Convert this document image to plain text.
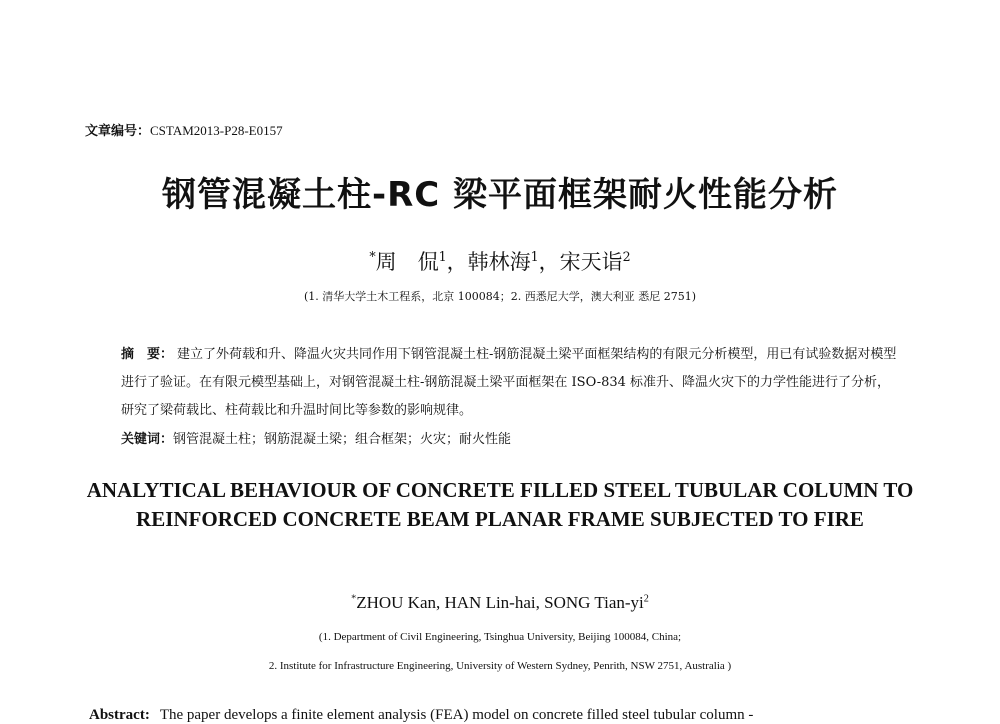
文章编号：CSTAM2013-P28-E0157
钢管混凝土柱-RC 梁平面框架耐火性能分析
*周　侃$^1$，韩林海$^1$，宋天诣$^2$
(1. 清华大学土木工程系，北京 100084；2. 西悉尼大学，澳大利亚 悉尼 2751)
摘　要： 建立了外荷载和升、降温火灾共同作用下钢管混凝土柱-钢筋混凝土梁平面框架结构的有限元分析模型，用已有试验数据对模型进行了验证。在有限元模型基础上，对钢管混凝土柱-钢筋混凝土梁平面框架在 ISO-834 标准升、降温火灾下的力学性能进行了分析，研究了梁荷载比、柱荷载比和升温时间比等参数的影响规律。
关键词：钢管混凝土柱；钢筋混凝土梁；组合框架；火灾；耐火性能
ANALYTICAL BEHAVIOUR OF CONCRETE FILLED STEEL TUBULAR COLUMN TO REINFORCED CONCRETE BEAM PLANAR FRAME SUBJECTED TO FIRE
*ZHOU Kan, HAN Lin-hai, SONG Tian-$yi^2$
(1. Department of Civil Engineering, Tsinghua University, Beijing 100084, China;
2. Institute for Infrastructure Engineering, University of Western Sydney, Penrith, NSW 2751, Australia )
Abstract: The paper develops a finite element analysis (FEA) model on concrete filled steel tubular column -
